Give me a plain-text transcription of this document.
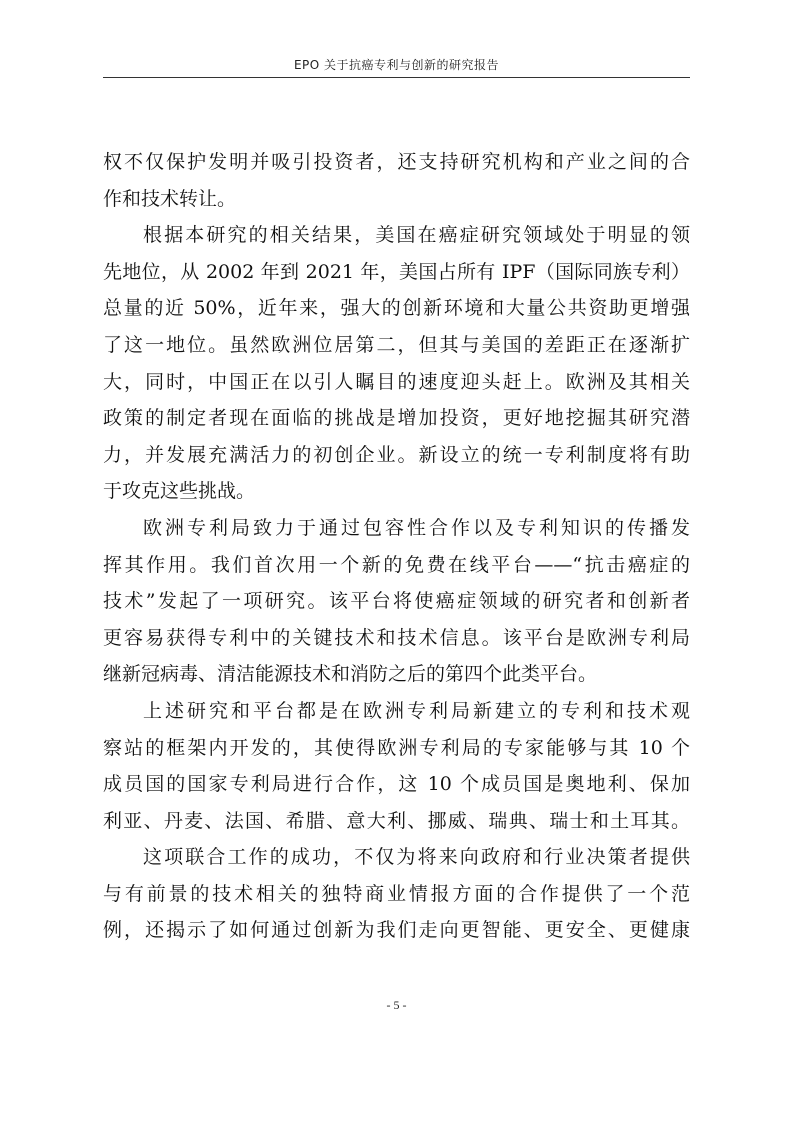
EPO 关于抗癌专利与创新的研究报告
权不仅保护发明并吸引投资者，还支持研究机构和产业之间的合
作和技术转让。
根据本研究的相关结果，美国在癌症研究领域处于明显的领
先地位，从 2002 年到 2021 年，美国占所有 IPF（国际同族专利）
总量的近 50%，近年来，强大的创新环境和大量公共资助更增强
了这一地位。虽然欧洲位居第二，但其与美国的差距正在逐渐扩
大，同时，中国正在以引人瞩目的速度迎头赶上。欧洲及其相关
政策的制定者现在面临的挑战是增加投资，更好地挖掘其研究潜
力，并发展充满活力的初创企业。新设立的统一专利制度将有助
于攻克这些挑战。
欧洲专利局致力于通过包容性合作以及专利知识的传播发
挥其作用。我们首次用一个新的免费在线平台——“抗击癌症的
技术”发起了一项研究。该平台将使癌症领域的研究者和创新者
更容易获得专利中的关键技术和技术信息。该平台是欧洲专利局
继新冠病毒、清洁能源技术和消防之后的第四个此类平台。
上述研究和平台都是在欧洲专利局新建立的专利和技术观
察站的框架内开发的，其使得欧洲专利局的专家能够与其 10 个
成员国的国家专利局进行合作，这 10 个成员国是奥地利、保加
利亚、丹麦、法国、希腊、意大利、挪威、瑞典、瑞士和土耳其。
这项联合工作的成功，不仅为将来向政府和行业决策者提供
与有前景的技术相关的独特商业情报方面的合作提供了一个范
例，还揭示了如何通过创新为我们走向更智能、更安全、更健康
- 5 -
